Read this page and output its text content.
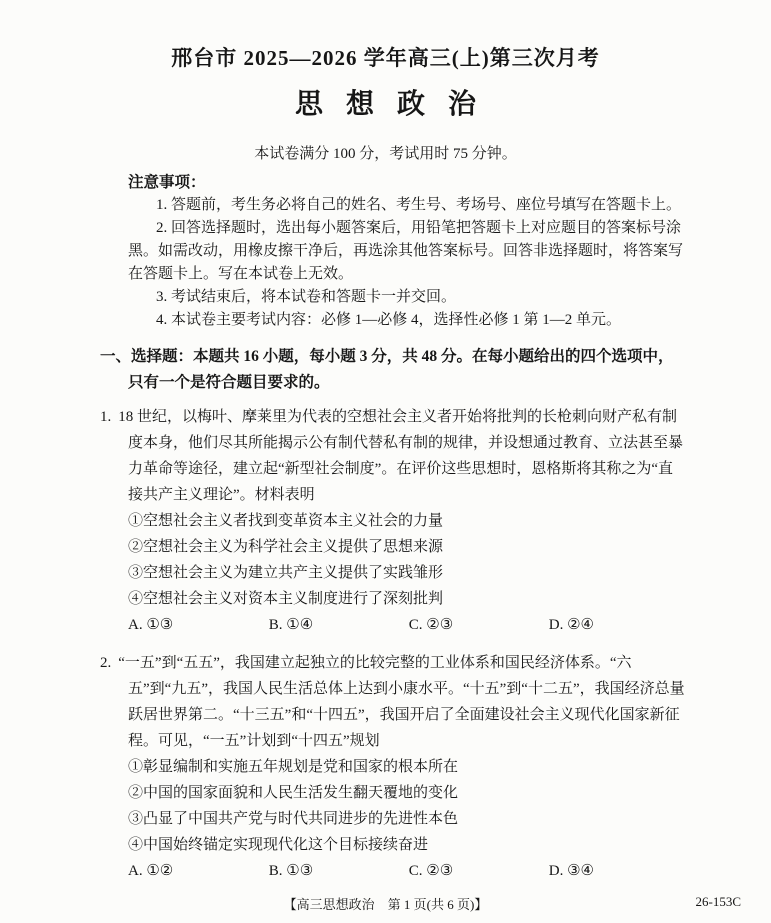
邢台市 2025—2026 学年高三(上)第三次月考
思 想 政 治

本试卷满分 100 分，考试用时 75 分钟。

注意事项：

1. 答题前，考生务必将自己的姓名、考生号、考场号、座位号填写在答题卡上。

2. 回答选择题时，选出每小题答案后，用铅笔把答题卡上对应题目的答案标号涂黑。如需改动，用橡皮擦干净后，再选涂其他答案标号。回答非选择题时，将答案写在答题卡上。写在本试卷上无效。

3. 考试结束后，将本试卷和答题卡一并交回。

4. 本试卷主要考试内容：必修 1—必修 4，选择性必修 1 第 1—2 单元。

一、选择题：本题共 16 小题，每小题 3 分，共 48 分。在每小题给出的四个选项中，只有一个是符合题目要求的。

1. 18 世纪，以梅叶、摩莱里为代表的空想社会主义者开始将批判的长枪刺向财产私有制度本身，他们尽其所能揭示公有制代替私有制的规律，并设想通过教育、立法甚至暴力革命等途径，建立起“新型社会制度”。在评价这些思想时，恩格斯将其称之为“直接共产主义理论”。材料表明

①空想社会主义者找到变革资本主义社会的力量

②空想社会主义为科学社会主义提供了思想来源

③空想社会主义为建立共产主义提供了实践雏形

④空想社会主义对资本主义制度进行了深刻批判

A. ①③	B. ①④	C. ②③	D. ②④

2. “一五”到“五五”，我国建立起独立的比较完整的工业体系和国民经济体系。“六五”到“九五”，我国人民生活总体上达到小康水平。“十五”到“十二五”，我国经济总量跃居世界第二。“十三五”和“十四五”，我国开启了全面建设社会主义现代化国家新征程。可见，“一五”计划到“十四五”规划

①彰显编制和实施五年规划是党和国家的根本所在

②中国的国家面貌和人民生活发生翻天覆地的变化

③凸显了中国共产党与时代共同进步的先进性本色

④中国始终锚定实现现代化这个目标接续奋进

A. ①②	B. ①③	C. ②③	D. ③④
【高三思想政治　第 1 页(共 6 页)】	26-153C
